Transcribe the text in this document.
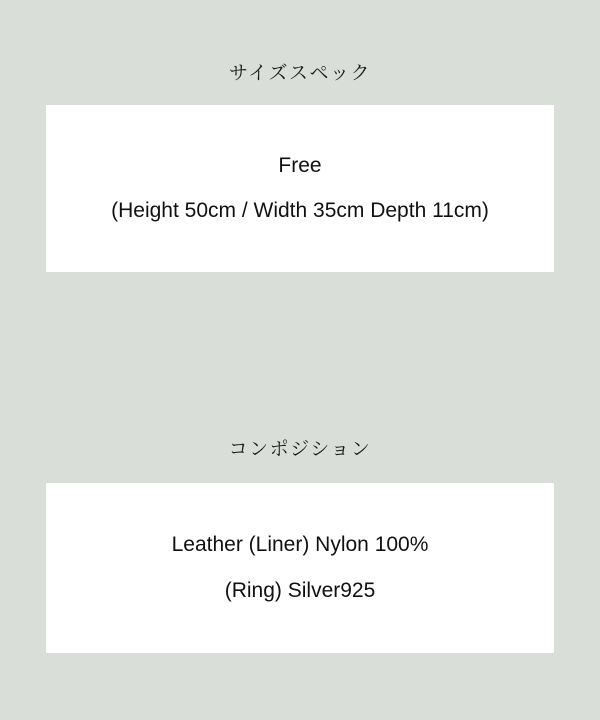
サイズスペック
Free
(Height 50cm / Width 35cm Depth 11cm)
コンポジション
Leather (Liner) Nylon 100%
(Ring) Silver925
